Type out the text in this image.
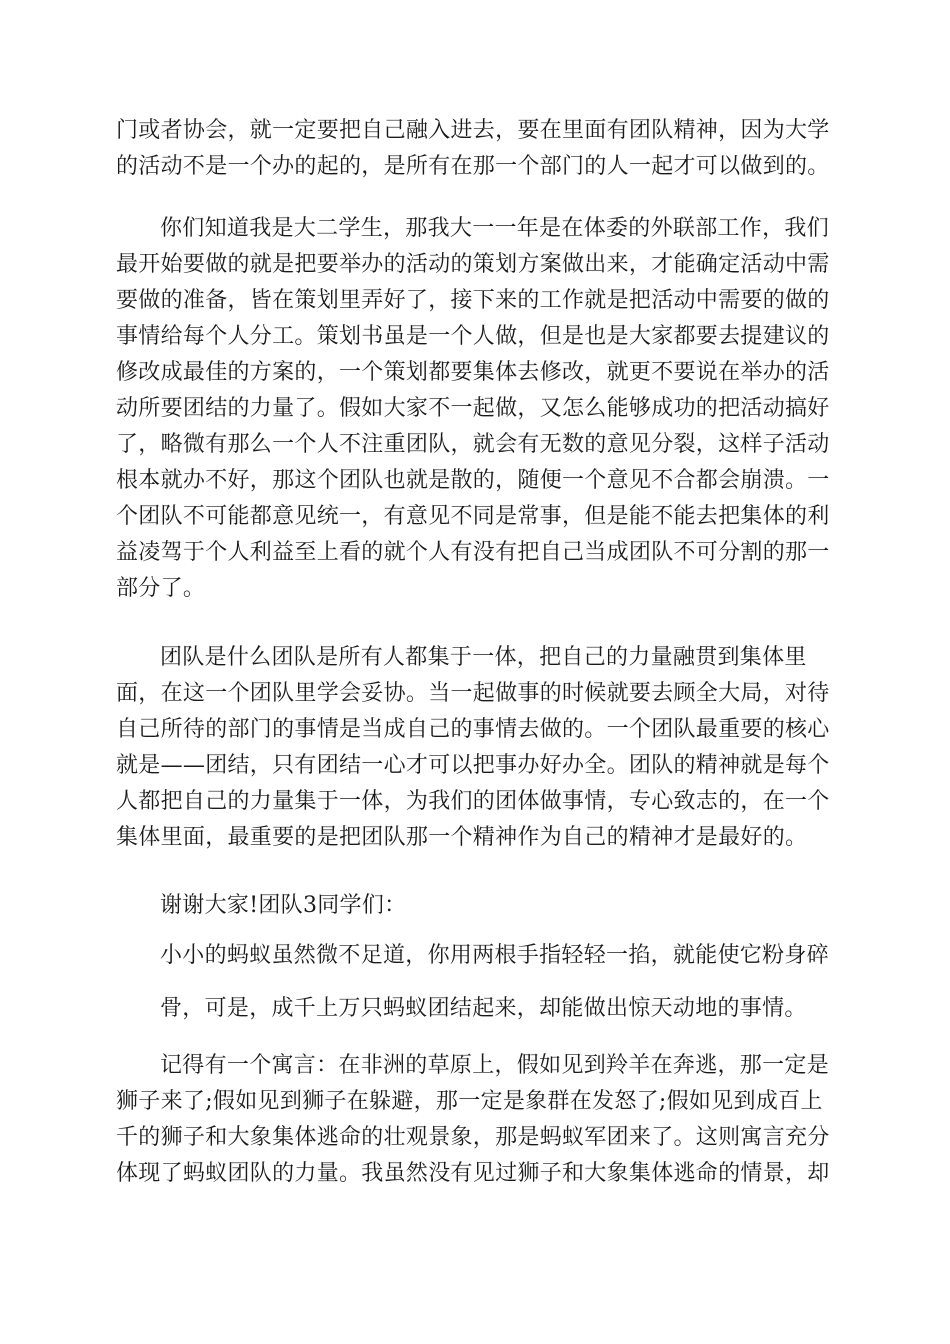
门或者协会，就一定要把自己融入进去，要在里面有团队精神，因为大学
的活动不是一个办的起的，是所有在那一个部门的人一起才可以做到的。
你们知道我是大二学生，那我大一一年是在体委的外联部工作，我们
最开始要做的就是把要举办的活动的策划方案做出来，才能确定活动中需
要做的准备，皆在策划里弄好了，接下来的工作就是把活动中需要的做的
事情给每个人分工。策划书虽是一个人做，但是也是大家都要去提建议的
修改成最佳的方案的，一个策划都要集体去修改，就更不要说在举办的活
动所要团结的力量了。假如大家不一起做，又怎么能够成功的把活动搞好
了，略微有那么一个人不注重团队，就会有无数的意见分裂，这样子活动
根本就办不好，那这个团队也就是散的，随便一个意见不合都会崩溃。一
个团队不可能都意见统一，有意见不同是常事，但是能不能去把集体的利
益凌驾于个人利益至上看的就个人有没有把自己当成团队不可分割的那一
部分了。
团队是什么团队是所有人都集于一体，把自己的力量融贯到集体里
面，在这一个团队里学会妥协。当一起做事的时候就要去顾全大局，对待
自己所待的部门的事情是当成自己的事情去做的。一个团队最重要的核心
就是——团结，只有团结一心才可以把事办好办全。团队的精神就是每个
人都把自己的力量集于一体，为我们的团体做事情，专心致志的，在一个
集体里面，最重要的是把团队那一个精神作为自己的精神才是最好的。
谢谢大家!团队3同学们：
小小的蚂蚁虽然微不足道，你用两根手指轻轻一掐，就能使它粉身碎
骨，可是，成千上万只蚂蚁团结起来，却能做出惊天动地的事情。
记得有一个寓言：在非洲的草原上，假如见到羚羊在奔逃，那一定是
狮子来了;假如见到狮子在躲避，那一定是象群在发怒了;假如见到成百上
千的狮子和大象集体逃命的壮观景象，那是蚂蚁军团来了。这则寓言充分
体现了蚂蚁团队的力量。我虽然没有见过狮子和大象集体逃命的情景，却
